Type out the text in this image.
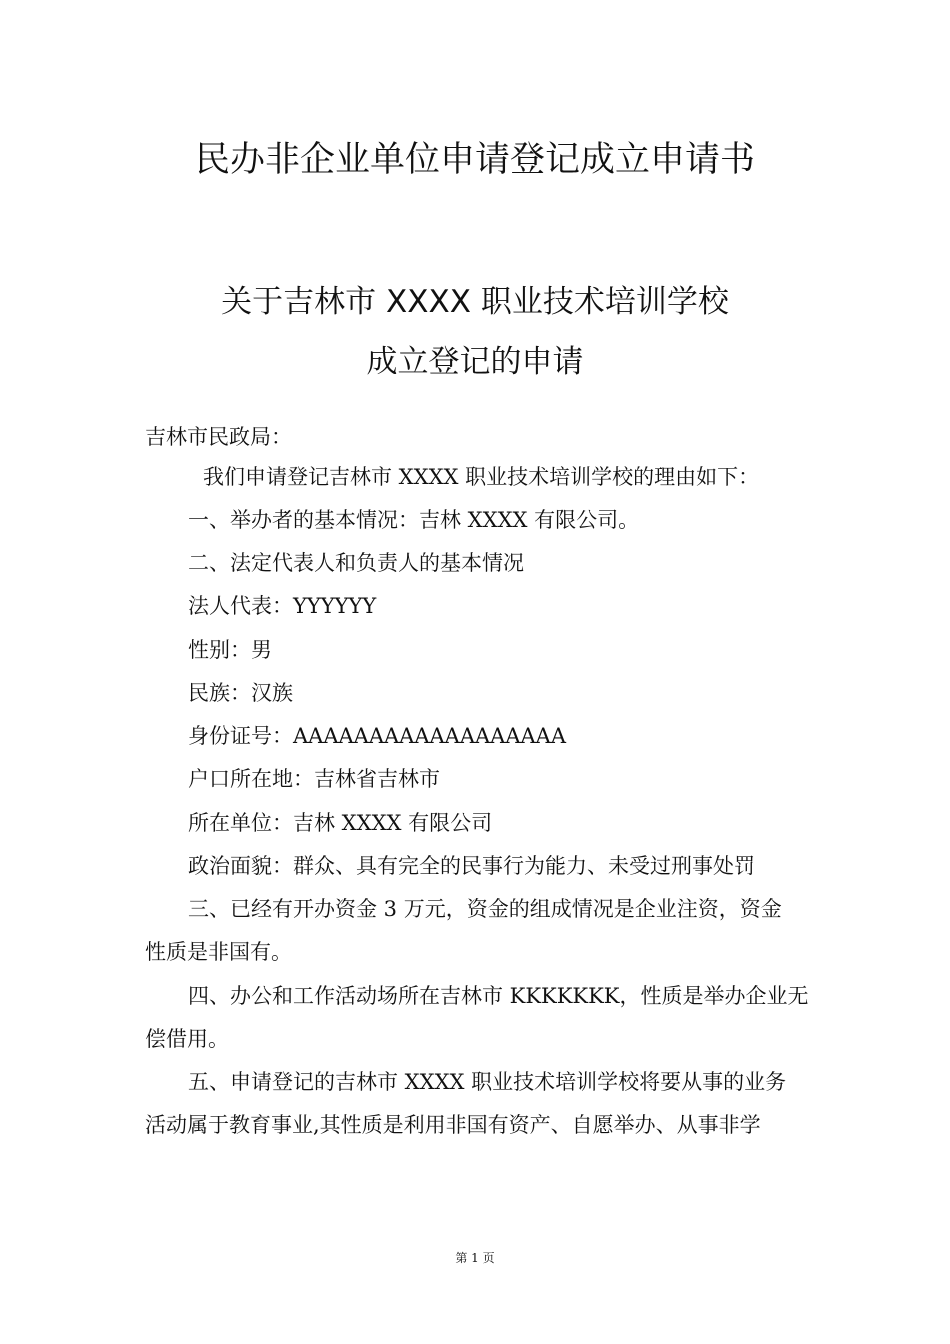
民办非企业单位申请登记成立申请书
关于吉林市 XXXX 职业技术培训学校
成立登记的申请
吉林市民政局：
我们申请登记吉林市 XXXX 职业技术培训学校的理由如下：
一、举办者的基本情况：吉林 XXXX 有限公司。
二、法定代表人和负责人的基本情况
法人代表：YYYYYY
性别：男
民族：汉族
身份证号：AAAAAAAAAAAAAAAAAA
户口所在地：吉林省吉林市
所在单位：吉林 XXXX 有限公司
政治面貌：群众、具有完全的民事行为能力、未受过刑事处罚
三、已经有开办资金 3 万元，资金的组成情况是企业注资，资金
性质是非国有。
四、办公和工作活动场所在吉林市 KKKKKKK，性质是举办企业无
偿借用。
五、申请登记的吉林市 XXXX 职业技术培训学校将要从事的业务
活动属于教育事业,其性质是利用非国有资产、自愿举办、从事非学
第 1 页
